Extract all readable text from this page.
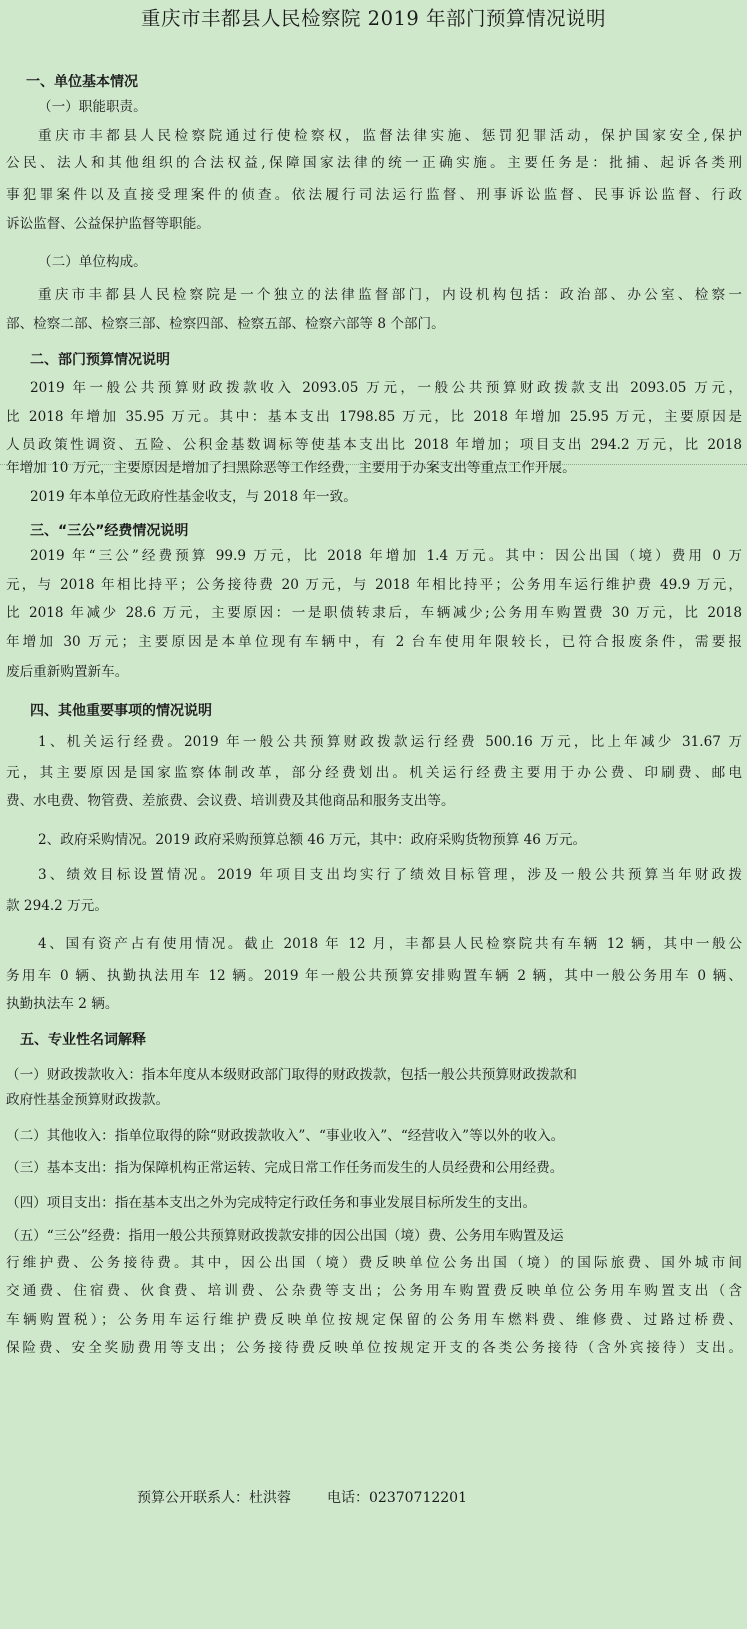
重庆市丰都县人民检察院 2019 年部门预算情况说明
一、单位基本情况
（一）职能职责。
重庆市丰都县人民检察院通过行使检察权，监督法律实施、惩罚犯罪活动，保护国家安全,保护
公民、法人和其他组织的合法权益,保障国家法律的统一正确实施。主要任务是：批捕、起诉各类刑
事犯罪案件以及直接受理案件的侦查。依法履行司法运行监督、刑事诉讼监督、民事诉讼监督、行政
诉讼监督、公益保护监督等职能。
（二）单位构成。
重庆市丰都县人民检察院是一个独立的法律监督部门，内设机构包括：政治部、办公室、检察一
部、检察二部、检察三部、检察四部、检察五部、检察六部等 8 个部门。
二、部门预算情况说明
2019 年一般公共预算财政拨款收入 2093.05 万元，一般公共预算财政拨款支出 2093.05 万元，
比 2018 年增加 35.95 万元。其中：基本支出 1798.85 万元，比 2018 年增加 25.95 万元，主要原因是
人员政策性调资、五险、公积金基数调标等使基本支出比 2018 年增加；项目支出 294.2 万元，比 2018
年增加 10 万元，主要原因是增加了扫黑除恶等工作经费，主要用于办案支出等重点工作开展。
2019 年本单位无政府性基金收支，与 2018 年一致。
三、“三公”经费情况说明
2019 年“三公”经费预算 99.9 万元，比 2018 年增加 1.4 万元。其中：因公出国（境）费用 0 万
元，与 2018 年相比持平；公务接待费 20 万元，与 2018 年相比持平；公务用车运行维护费 49.9 万元，
比 2018 年减少 28.6 万元，主要原因：一是职债转隶后，车辆减少;公务用车购置费 30 万元，比 2018
年增加 30 万元；主要原因是本单位现有车辆中，有 2 台车使用年限较长，已符合报废条件，需要报
废后重新购置新车。
四、其他重要事项的情况说明
1、机关运行经费。2019 年一般公共预算财政拨款运行经费 500.16 万元，比上年减少 31.67 万
元，其主要原因是国家监察体制改革，部分经费划出。机关运行经费主要用于办公费、印刷费、邮电
费、水电费、物管费、差旅费、会议费、培训费及其他商品和服务支出等。
2、政府采购情况。2019 政府采购预算总额 46 万元，其中：政府采购货物预算 46 万元。
3、绩效目标设置情况。2019 年项目支出均实行了绩效目标管理，涉及一般公共预算当年财政拨
款 294.2 万元。
4、国有资产占有使用情况。截止 2018 年 12 月，丰都县人民检察院共有车辆 12 辆，其中一般公
务用车 0 辆、执勤执法用车 12 辆。2019 年一般公共预算安排购置车辆 2 辆，其中一般公务用车 0 辆、
执勤执法车 2 辆。
五、专业性名词解释
（一）财政拨款收入：指本年度从本级财政部门取得的财政拨款，包括一般公共预算财政拨款和
政府性基金预算财政拨款。
（二）其他收入：指单位取得的除“财政拨款收入”、“事业收入”、“经营收入”等以外的收入。
（三）基本支出：指为保障机构正常运转、完成日常工作任务而发生的人员经费和公用经费。
（四）项目支出：指在基本支出之外为完成特定行政任务和事业发展目标所发生的支出。
（五）“三公”经费：指用一般公共预算财政拨款安排的因公出国（境）费、公务用车购置及运
行维护费、公务接待费。其中，因公出国（境）费反映单位公务出国（境）的国际旅费、国外城市间
交通费、住宿费、伙食费、培训费、公杂费等支出；公务用车购置费反映单位公务用车购置支出（含
车辆购置税）；公务用车运行维护费反映单位按规定保留的公务用车燃料费、维修费、过路过桥费、
保险费、安全奖励费用等支出；公务接待费反映单位按规定开支的各类公务接待（含外宾接待）支出。
预算公开联系人：杜洪蓉	电话：02370712201
